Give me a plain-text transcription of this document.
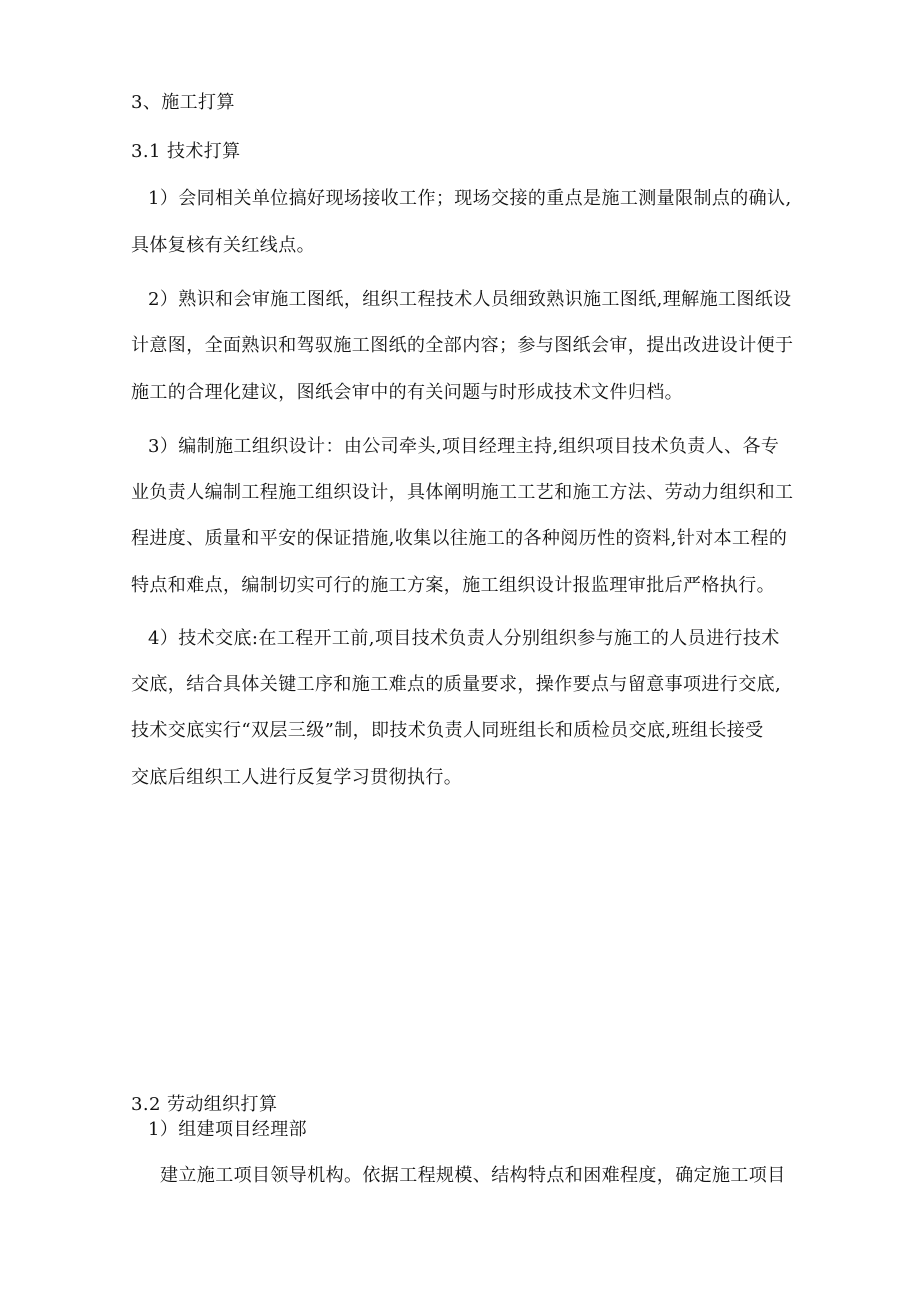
3、施工打算
3.1 技术打算
1）会同相关单位搞好现场接收工作；现场交接的重点是施工测量限制点的确认,
具体复核有关红线点。
2）熟识和会审施工图纸，组织工程技术人员细致熟识施工图纸,理解施工图纸设
计意图，全面熟识和驾驭施工图纸的全部内容；参与图纸会审，提出改进设计便于
施工的合理化建议，图纸会审中的有关问题与时形成技术文件归档。
3）编制施工组织设计：由公司牵头,项目经理主持,组织项目技术负责人、各专
业负责人编制工程施工组织设计，具体阐明施工工艺和施工方法、劳动力组织和工
程进度、质量和平安的保证措施,收集以往施工的各种阅历性的资料,针对本工程的
特点和难点，编制切实可行的施工方案，施工组织设计报监理审批后严格执行。
4）技术交底:在工程开工前,项目技术负责人分别组织参与施工的人员进行技术
交底，结合具体关键工序和施工难点的质量要求，操作要点与留意事项进行交底,
技术交底实行“双层三级”制，即技术负责人同班组长和质检员交底,班组长接受
交底后组织工人进行反复学习贯彻执行。
3.2 劳动组织打算
1）组建项目经理部
建立施工项目领导机构。依据工程规模、结构特点和困难程度，确定施工项目
